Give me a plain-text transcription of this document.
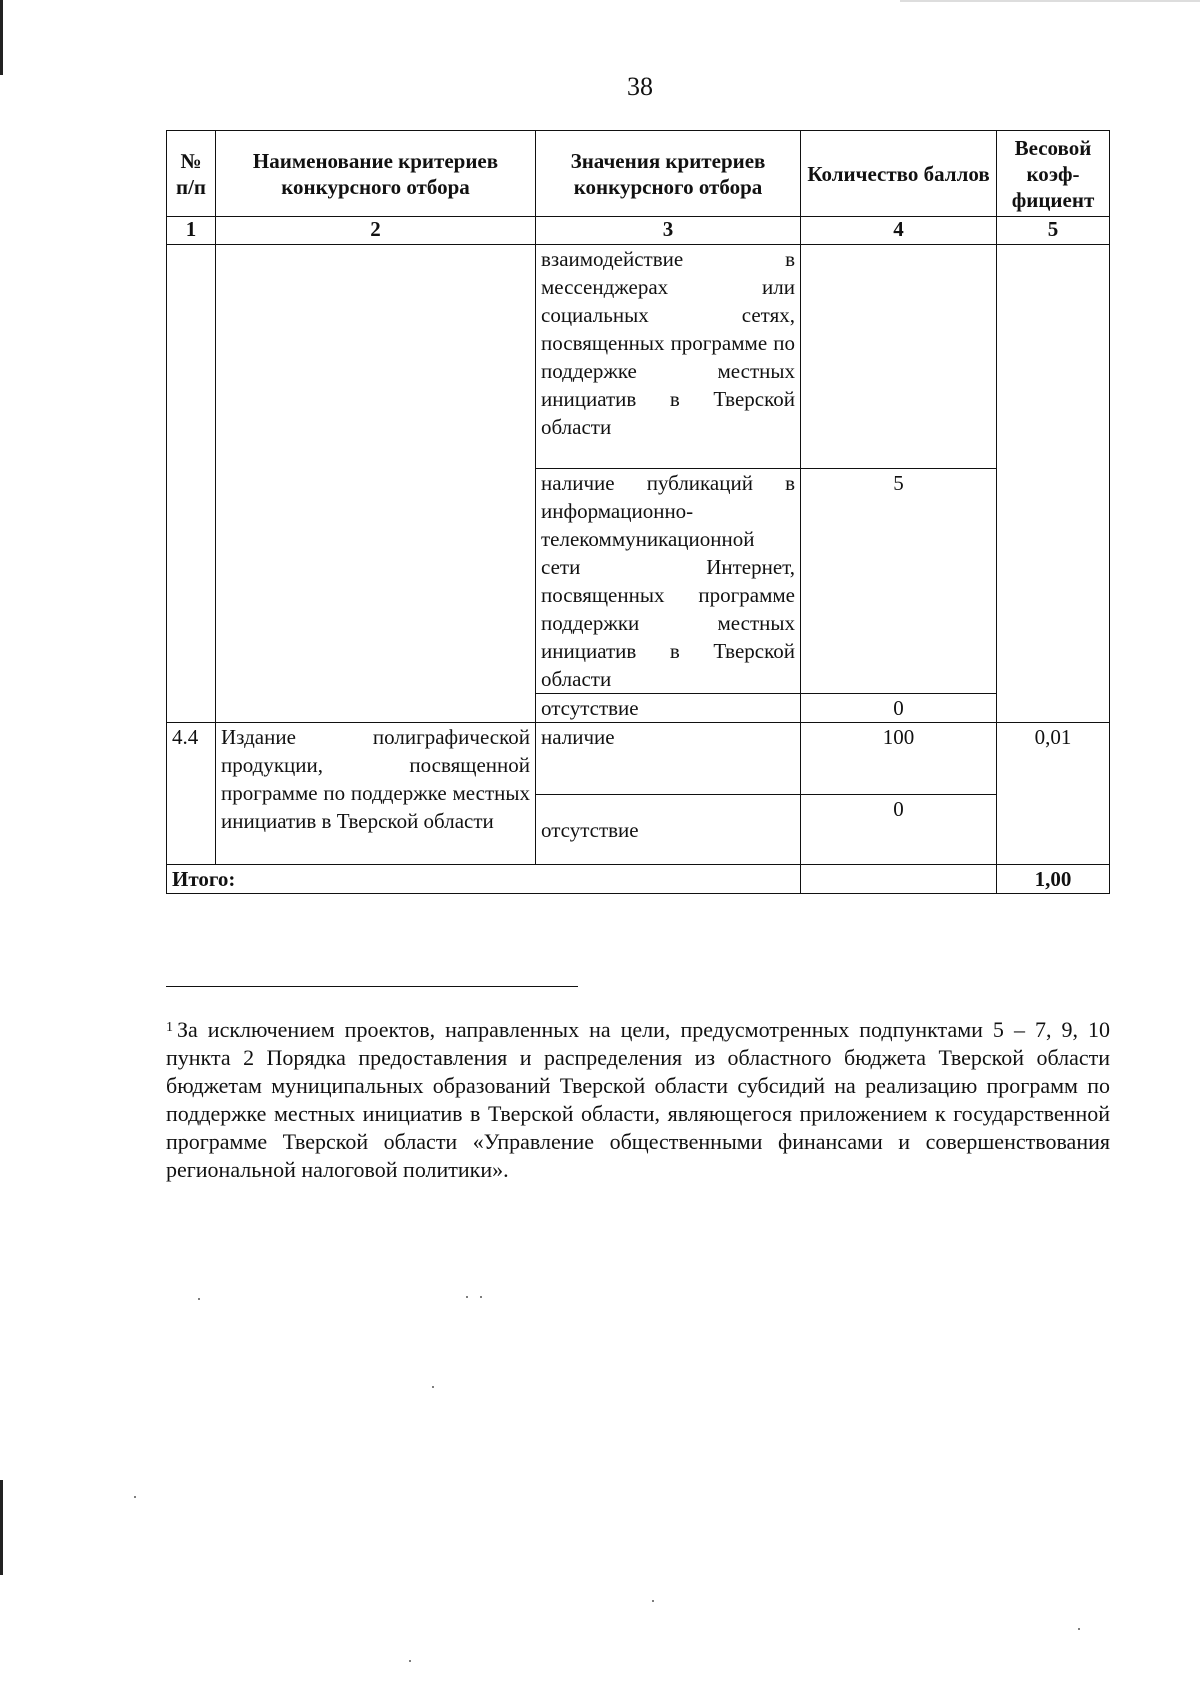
38
№ п/п	Наименование критериев конкурсного отбора	Значения критериев конкурсного отбора	Количество баллов	Весовой коэф-фициент
1	2	3	4	5
		взаимодействие в мессенджерах или социальных сетях, посвященных программе по поддержке местных инициатив в Тверской области		
		наличие публикаций в информационно-телекоммуникационной сети Интернет, посвященных программе поддержки местных инициатив в Тверской области	5	
		отсутствие	0	
4.4	Издание полиграфической продукции, посвященной программе по поддержке местных инициатив в Тверской области	наличие	100	0,01
		отсутствие	0	
Итого:				1,00
$^1$ За исключением проектов, направленных на цели, предусмотренных подпунктами 5 – 7, 9, 10 пункта 2 Порядка предоставления и распределения из областного бюджета Тверской области бюджетам муниципальных образований Тверской области субсидий на реализацию программ по поддержке местных инициатив в Тверской области, являющегося приложением к государственной программе Тверской области «Управление общественными финансами и совершенствования региональной налоговой политики».
